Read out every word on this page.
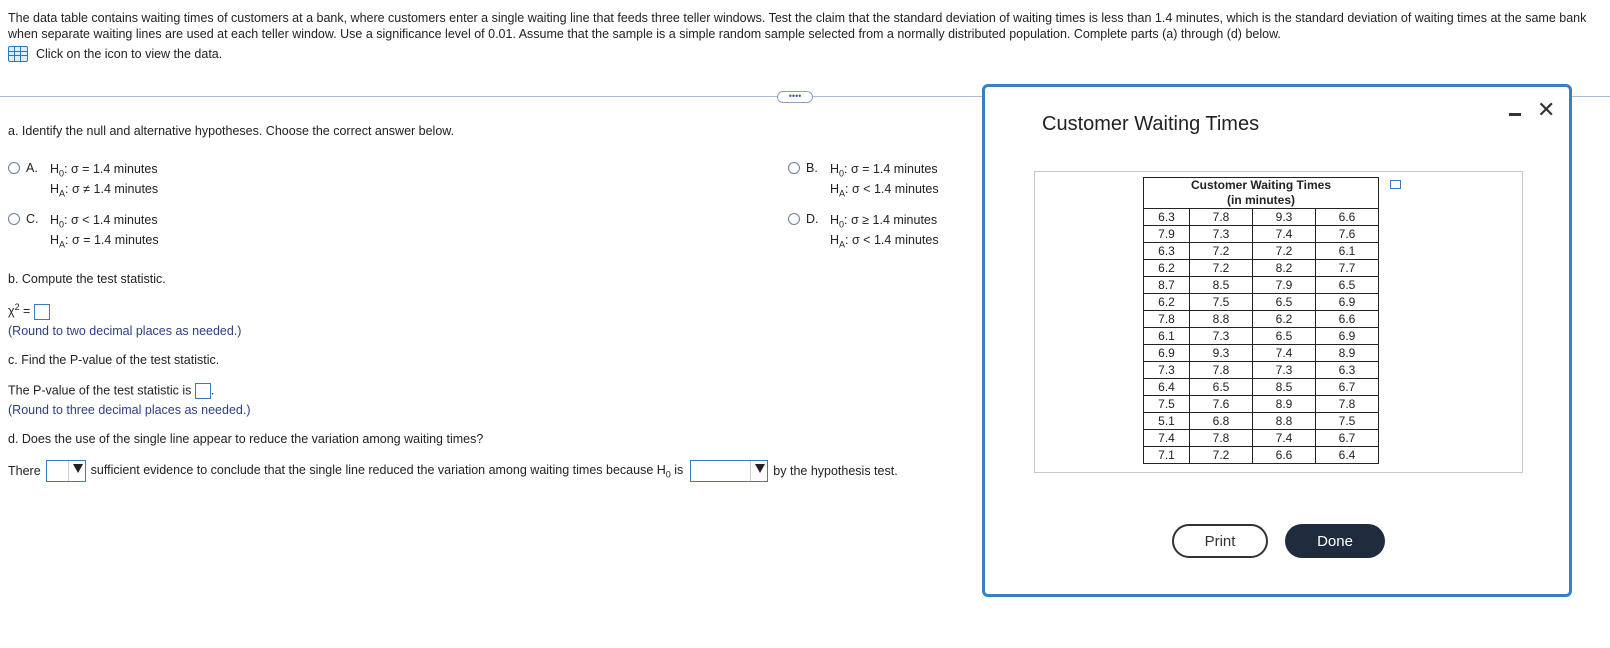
The data table contains waiting times of customers at a bank, where customers enter a single waiting line that feeds three teller windows. Test the claim that the standard deviation of waiting times is less than 1.4 minutes, which is the standard deviation of waiting times at the same bank when separate waiting lines are used at each teller window. Use a significance level of 0.01. Assume that the sample is a simple random sample selected from a normally distributed population. Complete parts (a) through (d) below.
Click on the icon to view the data.
••••
a. Identify the null and alternative hypotheses. Choose the correct answer below.
A. $H_0$: σ = 1.4 minutes
$H_A$: σ ≠ 1.4 minutes
B. $H_0$: σ = 1.4 minutes
$H_A$: σ < 1.4 minutes
C. $H_0$: σ < 1.4 minutes
$H_A$: σ = 1.4 minutes
D. $H_0$: σ ≥ 1.4 minutes
$H_A$: σ < 1.4 minutes
b. Compute the test statistic.
$\chi^2$ =
(Round to two decimal places as needed.)
c. Find the P-value of the test statistic.
The P-value of the test statistic is .
(Round to three decimal places as needed.)
d. Does the use of the single line appear to reduce the variation among waiting times?
There	sufficient evidence to conclude that the single line reduced the variation among waiting times because $H_0$ is	by the hypothesis test.
Customer Waiting Times
✕
Customer Waiting Times
(in minutes)			

6.3	7.8	9.3	6.6
7.9	7.3	7.4	7.6
6.3	7.2	7.2	6.1
6.2	7.2	8.2	7.7
8.7	8.5	7.9	6.5
6.2	7.5	6.5	6.9
7.8	8.8	6.2	6.6
6.1	7.3	6.5	6.9
6.9	9.3	7.4	8.9
7.3	7.8	7.3	6.3
6.4	6.5	8.5	6.7
7.5	7.6	8.9	7.8
5.1	6.8	8.8	7.5
7.4	7.8	7.4	6.7
7.1	7.2	6.6	6.4
Print	Done
